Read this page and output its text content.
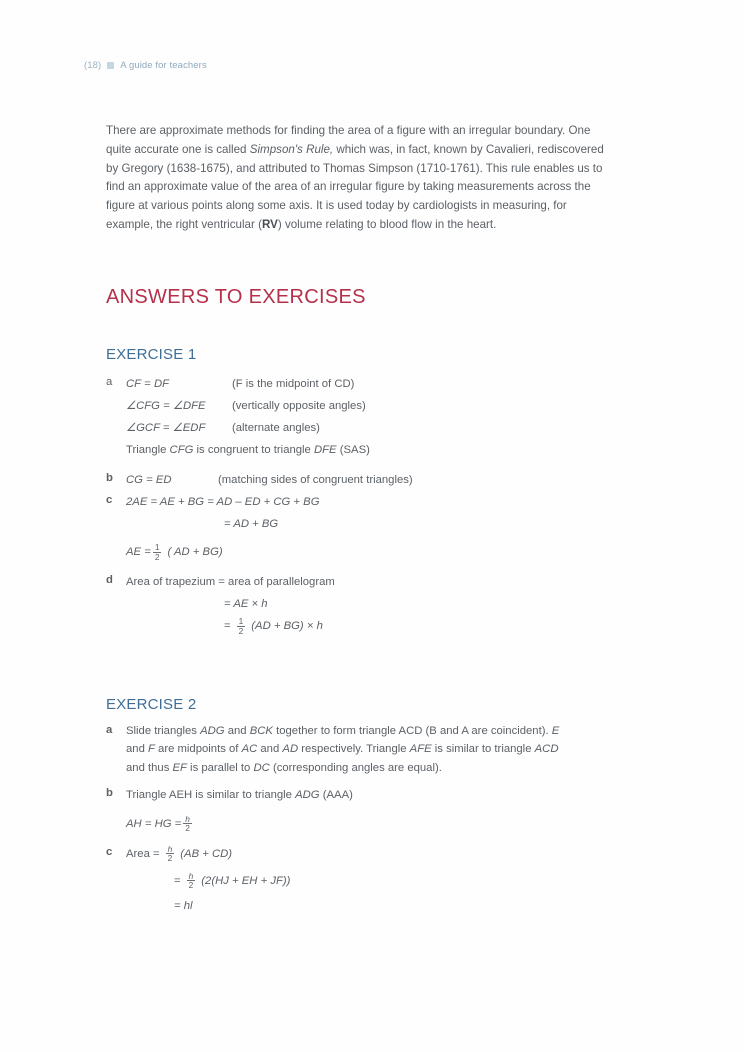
(18) A guide for teachers

There are approximate methods for finding the area of a figure with an irregular boundary. One quite accurate one is called Simpson's Rule, which was, in fact, known by Cavalieri, rediscovered by Gregory (1638-1675), and attributed to Thomas Simpson (1710-1761). This rule enables us to find an approximate value of the area of an irregular figure by taking measurements across the figure at various points along some axis. It is used today by cardiologists in measuring, for example, the right ventricular (RV) volume relating to blood flow in the heart.

ANSWERS TO EXERCISES
EXERCISE 1
a	CF = DF	(F is the midpoint of CD)
∠CFG = ∠DFE	(vertically opposite angles)
∠GCF = ∠EDF	(alternate angles)
Triangle CFG is congruent to triangle DFE (SAS)
b	CG = ED	(matching sides of congruent triangles)
c	2AE = AE + BG = AD – ED + CG + BG
= AD + BG
AE = $\frac{1}{2}$ ( AD + BG)
d	Area of trapezium = area of parallelogram
= AE × h
= $\frac{1}{2} (AD + BG) \times h$
EXERCISE 2
a	Slide triangles ADG and BCK together to form triangle ACD (B and A are coincident). E
and F are midpoints of AC and AD respectively. Triangle AFE is similar to triangle ACD
and thus EF is parallel to DC (corresponding angles are equal).
b	Triangle AEH is similar to triangle ADG (AAA)
AH = HG = $\frac{h}{2}$
c	Area = $\frac{h}{2} (AB + CD)$
= $\frac{h}{2} (2(HJ$ + EH + JF))
= hl
